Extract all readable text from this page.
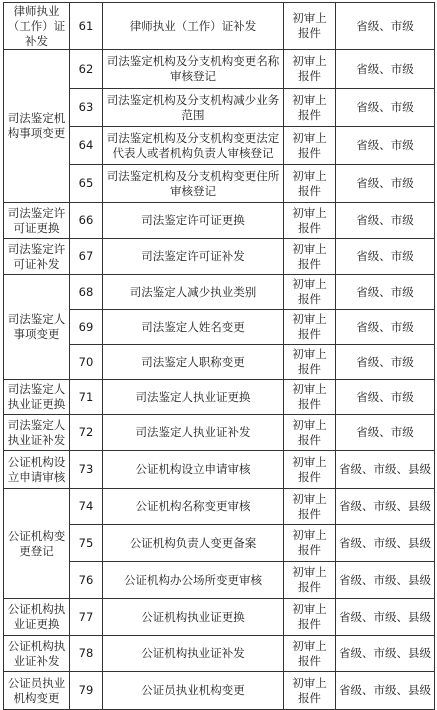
律师执业（工作）证补发	61	律师执业（工作）证补发	初审上报件	省级、市级
司法鉴定机构事项变更	62	司法鉴定机构及分支机构变更名称审核登记	初审上报件	省级、市级
	63	司法鉴定机构及分支机构减少业务范围	初审上报件	省级、市级
	64	司法鉴定机构及分支机构变更法定代表人或者机构负责人审核登记	初审上报件	省级、市级
	65	司法鉴定机构及分支机构变更住所审核登记	初审上报件	省级、市级
司法鉴定许可证更换	66	司法鉴定许可证更换	初审上报件	省级、市级
司法鉴定许可证补发	67	司法鉴定许可证补发	初审上报件	省级、市级
司法鉴定人事项变更	68	司法鉴定人减少执业类别	初审上报件	省级、市级
	69	司法鉴定人姓名变更	初审上报件	省级、市级
	70	司法鉴定人职称变更	初审上报件	省级、市级
司法鉴定人执业证更换	71	司法鉴定人执业证更换	初审上报件	省级、市级
司法鉴定人执业证补发	72	司法鉴定人执业证补发	初审上报件	省级、市级
公证机构设立申请审核	73	公证机构设立申请审核	初审上报件	省级、市级、县级
公证机构变更登记	74	公证机构名称变更审核	初审上报件	省级、市级、县级
	75	公证机构负责人变更备案	初审上报件	省级、市级、县级
	76	公证机构办公场所变更审核	初审上报件	省级、市级、县级
公证机构执业证更换	77	公证机构执业证更换	初审上报件	省级、市级、县级
公证机构执业证补发	78	公证机构执业证补发	初审上报件	省级、市级、县级
公证员执业机构变更	79	公证员执业机构变更	初审上报件	省级、市级、县级
